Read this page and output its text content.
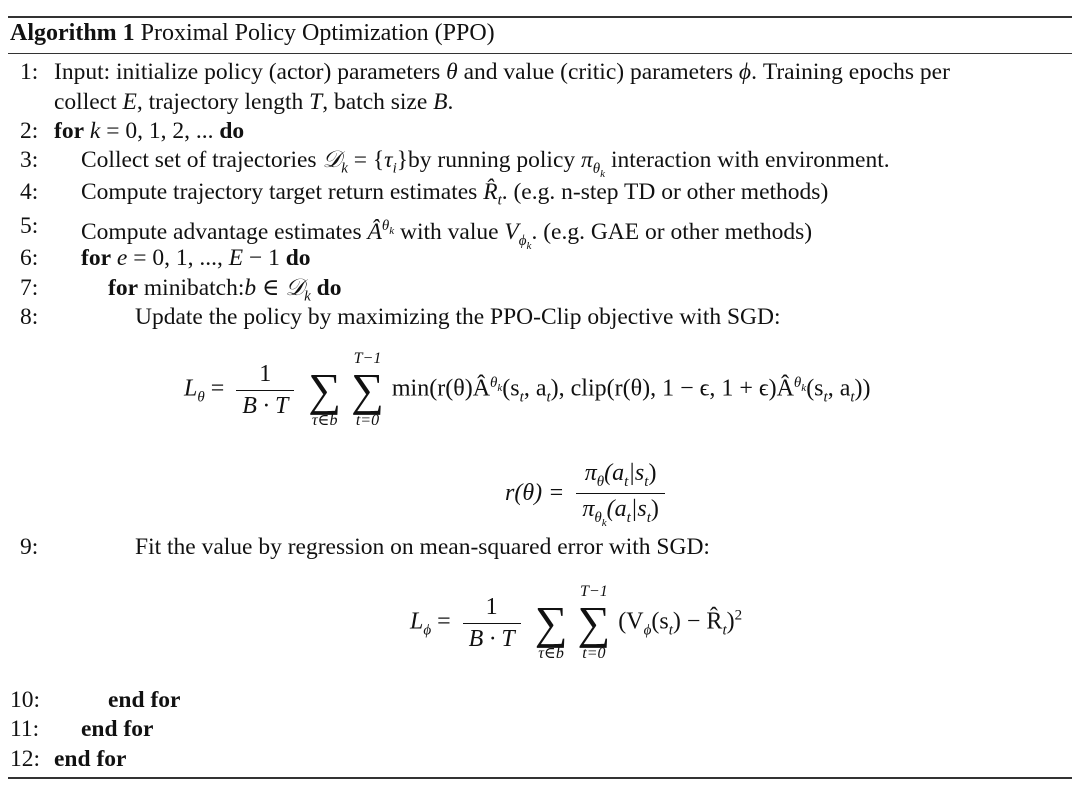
Algorithm 1 Proximal Policy Optimization (PPO)
1:
2:
3:
4:
5:
6:
7:
8:
9:
10:
11:
12:
Input: initialize policy (actor) parameters θ and value (critic) parameters ϕ. Training epochs per
collect E, trajectory length T, batch size B.
for k = 0, 1, 2, ... do
Collect set of trajectories 𝒟$_k$ = $\{\tau_i\}by$ running policy $\pi_{\theta_k}$ interaction with environment.
Compute trajectory target return estimates $R̂_t$. (e.g. n-step TD or other methods)
Compute advantage estimates $Â^{\theta_k}$ with value $V_{\phi_k}$. (e.g. GAE or other methods)
for e = 0, 1, ..., E − 1 do
for minibatch:b ∈ 𝒟$_k$ do
Update the policy by maximizing the PPO-Clip objective with SGD:
$L_\theta = \frac{1}{B \cdot T}$
∑
τ∈b

T−1
∑
t=0
$\min(r(\theta)Â^{\theta_k}(s_t$, $a_t$), clip(r(θ), 1 − ϵ, $1 + \epsilon)Â^{\theta_k}(s_t$, $a_t$))
$r(\theta) = \frac{\pi_\theta(a_t|s_t)}{\pi_{\theta_k}(a_t|s_t)}$
Fit the value by regression on mean-squared error with SGD:
$L_\phi = \frac{1}{B \cdot T}$
∑
τ∈b

T−1
∑
t=0
($V_\phi(s_t)$ − $R̂_t)^2$
end for
end for
end for
